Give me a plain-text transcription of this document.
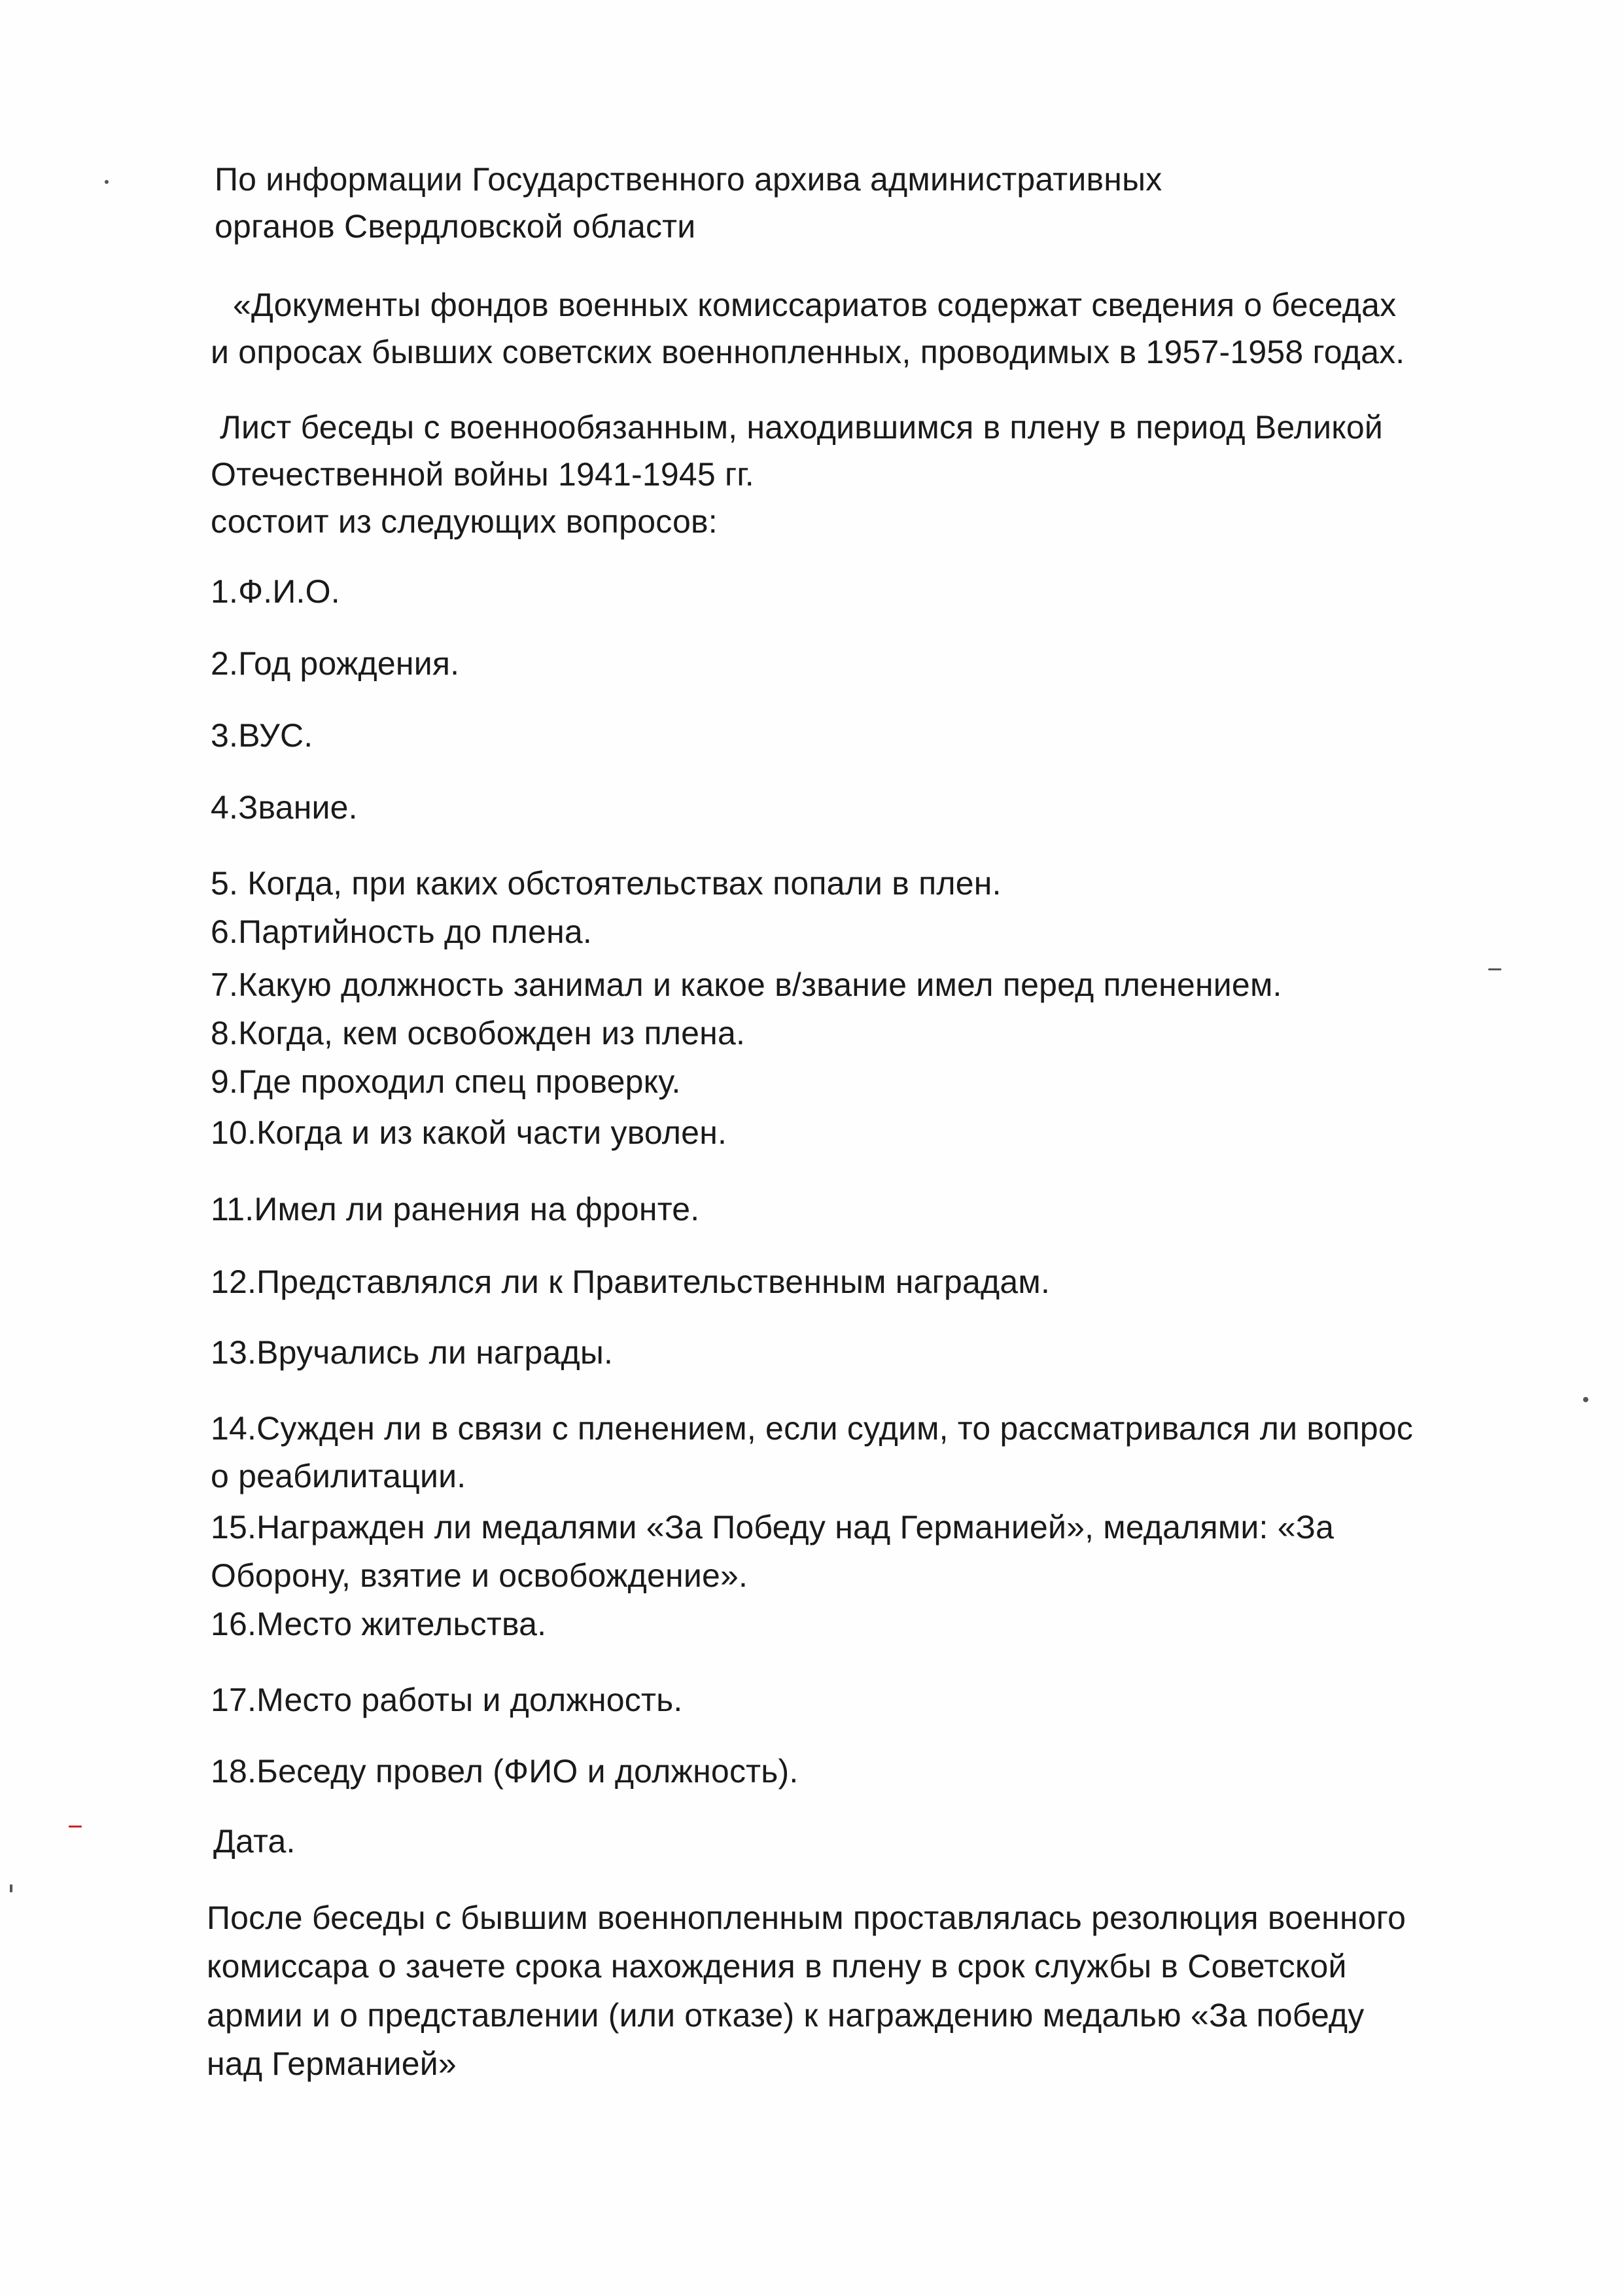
По информации Государственного архива административных
органов Свердловской области
«Документы фондов военных комиссариатов содержат сведения о беседах
и опросах бывших советских военнопленных, проводимых в 1957-1958 годах.
Лист беседы с военнообязанным, находившимся в плену в период Великой
Отечественной войны 1941-1945 гг.
состоит из следующих вопросов:
1.Ф.И.О.
2.Год рождения.
3.ВУС.
4.Звание.
5. Когда, при каких обстоятельствах попали в плен.
6.Партийность до плена.
7.Какую должность занимал и какое в/звание имел перед пленением.
8.Когда, кем освобожден из плена.
9.Где проходил спец проверку.
10.Когда и из какой части уволен.
11.Имел ли ранения на фронте.
12.Представлялся ли к Правительственным наградам.
13.Вручались ли награды.
14.Сужден ли в связи с пленением, если судим, то рассматривался ли вопрос
о реабилитации.
15.Награжден ли медалями «За Победу над Германией», медалями: «За
Оборону, взятие и освобождение».
16.Место жительства.
17.Место работы и должность.
18.Беседу провел (ФИО и должность).
Дата.
После беседы с бывшим военнопленным проставлялась резолюция военного
комиссара о зачете срока нахождения в плену в срок службы в Советской
армии и о представлении (или отказе) к награждению медалью «За победу
над Германией»
